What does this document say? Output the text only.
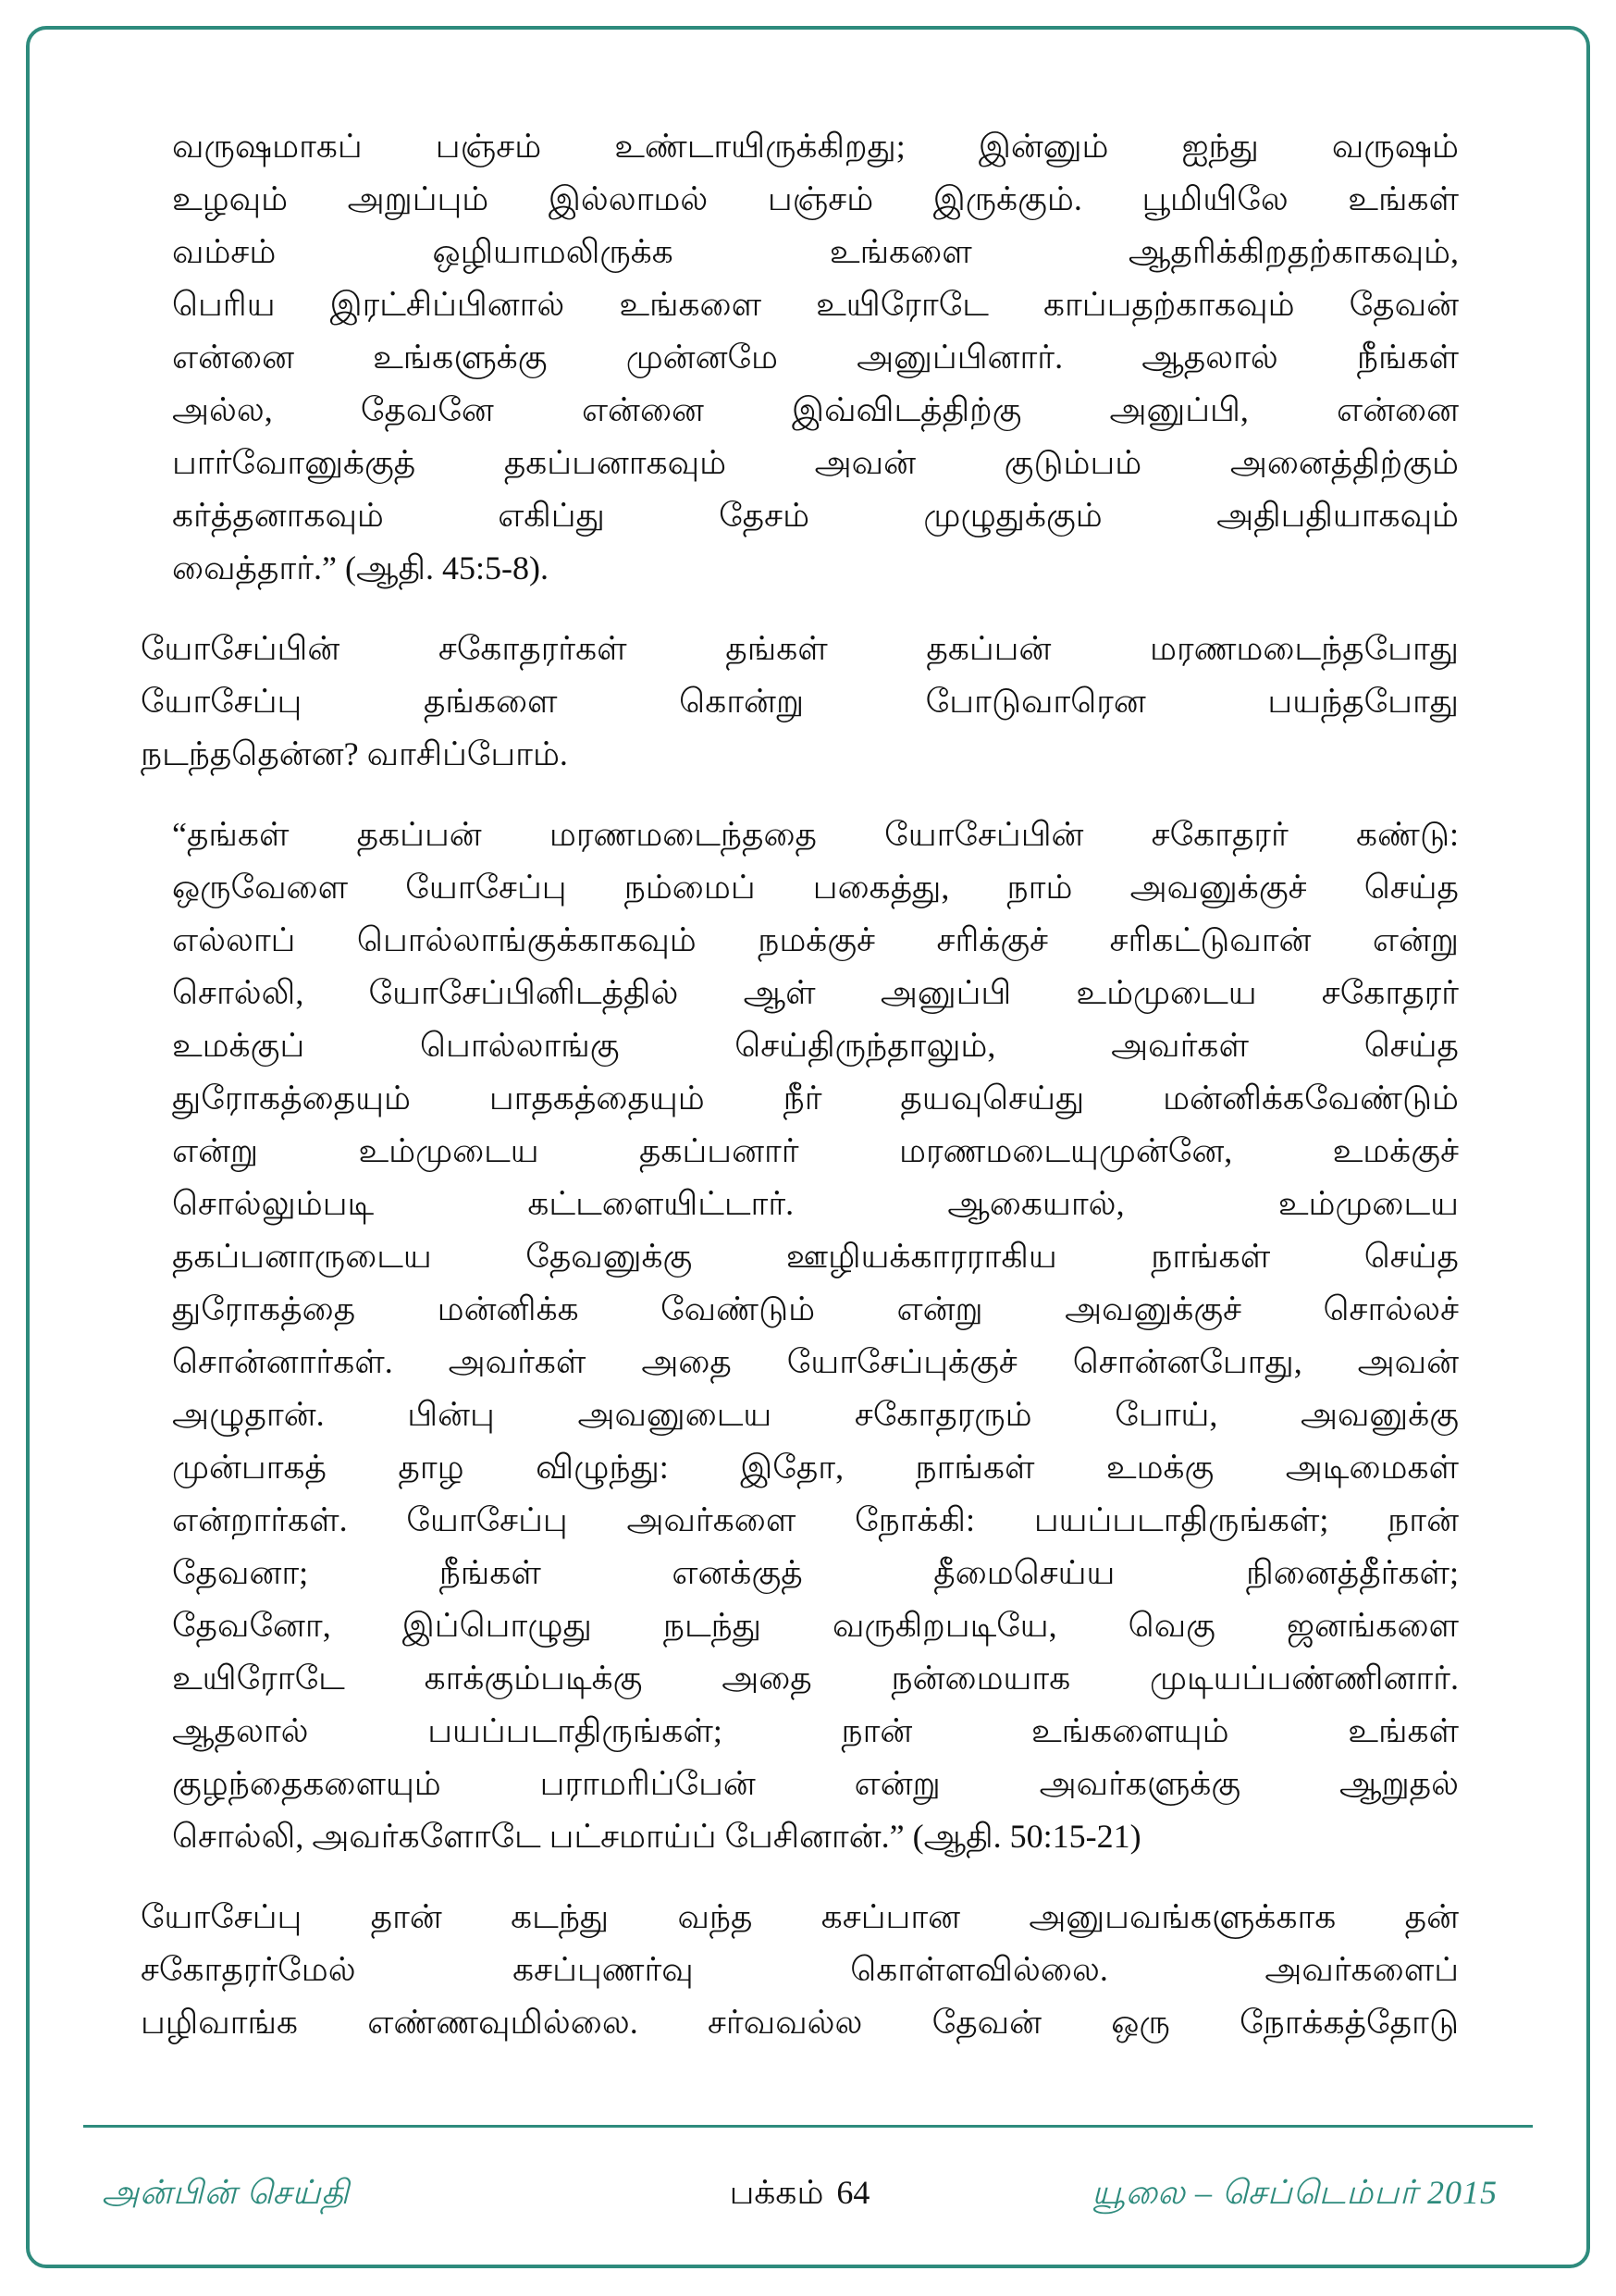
வருஷமாகப் பஞ்சம் உண்டாயிருக்கிறது; இன்னும் ஐந்து வருஷம்
உழவும் அறுப்பும் இல்லாமல் பஞ்சம் இருக்கும். பூமியிலே உங்கள்
வம்சம் ஒழியாமலிருக்க உங்களை ஆதரிக்கிறதற்காகவும்,
பெரிய இரட்சிப்பினால் உங்களை உயிரோடே காப்பதற்காகவும் தேவன்
என்னை உங்களுக்கு முன்னமே அனுப்பினார். ஆதலால் நீங்கள்
அல்ல, தேவனே என்னை இவ்விடத்திற்கு அனுப்பி, என்னை
பார்வோனுக்குத் தகப்பனாகவும் அவன் குடும்பம் அனைத்திற்கும்
கர்த்தனாகவும் எகிப்து தேசம் முழுதுக்கும் அதிபதியாகவும்
வைத்தார்.” (ஆதி. 45:5-8).
யோசேப்பின் சகோதரர்கள் தங்கள் தகப்பன் மரணமடைந்தபோது
யோசேப்பு தங்களை கொன்று போடுவாரென பயந்தபோது
நடந்ததென்ன? வாசிப்போம்.
“தங்கள் தகப்பன் மரணமடைந்ததை யோசேப்பின் சகோதரர் கண்டு:
ஒருவேளை யோசேப்பு நம்மைப் பகைத்து, நாம் அவனுக்குச் செய்த
எல்லாப் பொல்லாங்குக்காகவும் நமக்குச் சரிக்குச் சரிகட்டுவான் என்று
சொல்லி, யோசேப்பினிடத்தில் ஆள் அனுப்பி உம்முடைய சகோதரர்
உமக்குப் பொல்லாங்கு செய்திருந்தாலும், அவர்கள் செய்த
துரோகத்தையும் பாதகத்தையும் நீர் தயவுசெய்து மன்னிக்கவேண்டும்
என்று உம்முடைய தகப்பனார் மரணமடையுமுன்னே, உமக்குச்
சொல்லும்படி கட்டளையிட்டார். ஆகையால், உம்முடைய
தகப்பனாருடைய தேவனுக்கு ஊழியக்காரராகிய நாங்கள் செய்த
துரோகத்தை மன்னிக்க வேண்டும் என்று அவனுக்குச் சொல்லச்
சொன்னார்கள். அவர்கள் அதை யோசேப்புக்குச் சொன்னபோது, அவன்
அழுதான். பின்பு அவனுடைய சகோதரரும் போய், அவனுக்கு
முன்பாகத் தாழ விழுந்து: இதோ, நாங்கள் உமக்கு அடிமைகள்
என்றார்கள். யோசேப்பு அவர்களை நோக்கி: பயப்படாதிருங்கள்; நான்
தேவனா; நீங்கள் எனக்குத் தீமைசெய்ய நினைத்தீர்கள்;
தேவனோ, இப்பொழுது நடந்து வருகிறபடியே, வெகு ஜனங்களை
உயிரோடே காக்கும்படிக்கு அதை நன்மையாக முடியப்பண்ணினார்.
ஆதலால் பயப்படாதிருங்கள்; நான் உங்களையும் உங்கள்
குழந்தைகளையும் பராமரிப்பேன் என்று அவர்களுக்கு ஆறுதல்
சொல்லி, அவர்களோடே பட்சமாய்ப் பேசினான்.” (ஆதி. 50:15-21)
யோசேப்பு தான் கடந்து வந்த கசப்பான அனுபவங்களுக்காக தன்
சகோதரர்மேல் கசப்புணர்வு கொள்ளவில்லை. அவர்களைப்
பழிவாங்க எண்ணவுமில்லை. சர்வவல்ல தேவன் ஒரு நோக்கத்தோடு
அன்பின் செய்தி	பக்கம் 64	யூலை – செப்டெம்பர் 2015
